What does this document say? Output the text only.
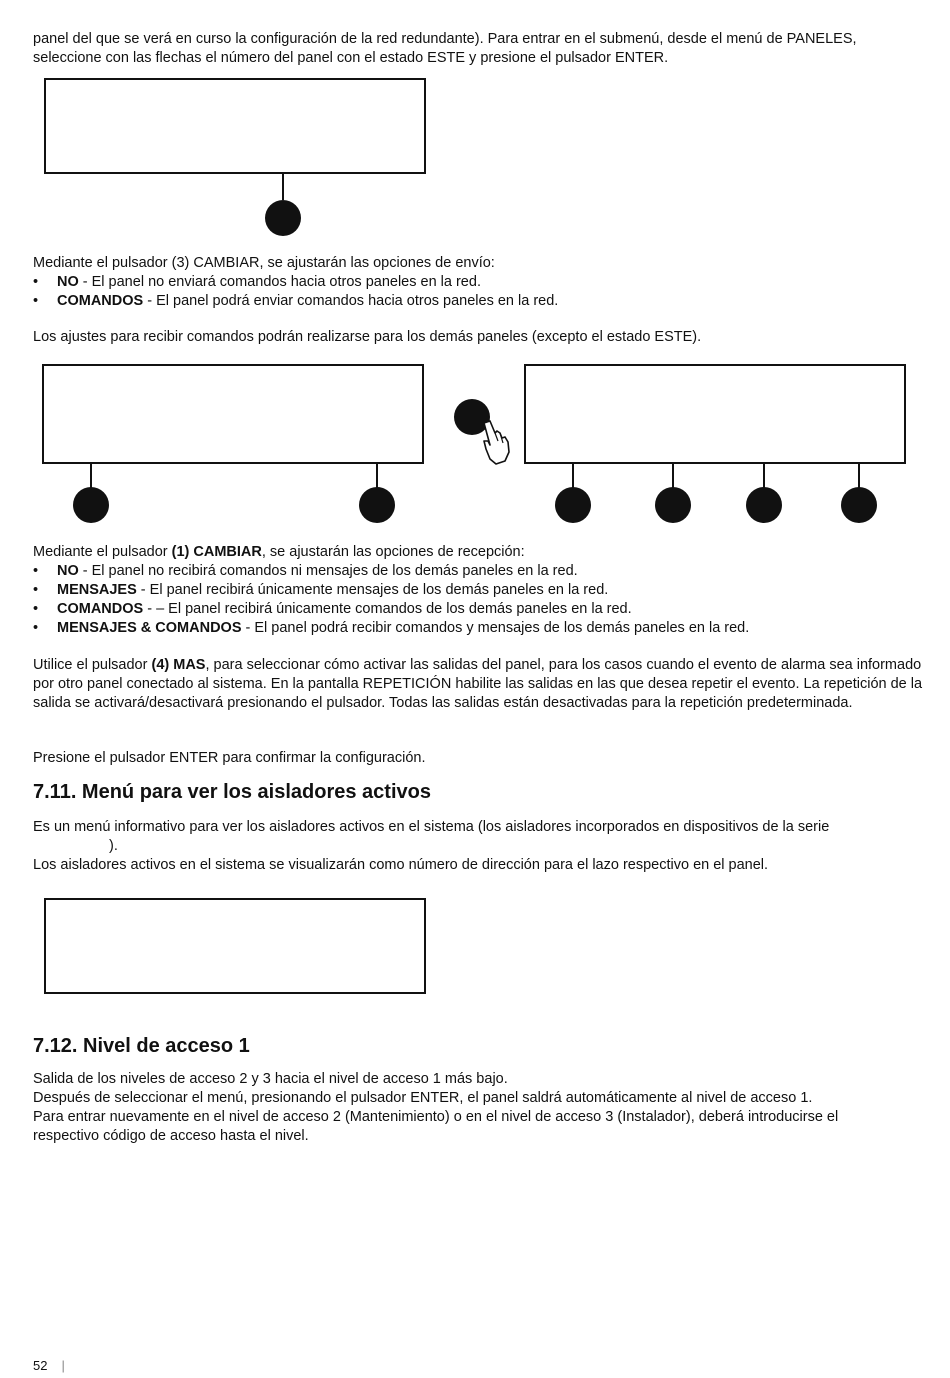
panel del que se verá en curso la configuración de la red redundante). Para entrar en el submenú, desde el menú de PANELES,

seleccione con las flechas el número del panel con el estado ESTE y presione el pulsador ENTER.

Mediante el pulsador (3) CAMBIAR, se ajustarán las opciones de envío:

• NO - El panel no enviará comandos hacia otros paneles en la red.

• COMANDOS - El panel podrá enviar comandos hacia otros paneles en la red.

Los ajustes para recibir comandos podrán realizarse para los demás paneles (excepto el estado ESTE).

Mediante el pulsador (1) CAMBIAR, se ajustarán las opciones de recepción:

• NO - El panel no recibirá comandos ni mensajes de los demás paneles en la red.

• MENSAJES - El panel recibirá únicamente mensajes de los demás paneles en la red.

• COMANDOS - – El panel recibirá únicamente comandos de los demás paneles en la red.

• MENSAJES & COMANDOS - El panel podrá recibir comandos y mensajes de los demás paneles en la red.

Utilice el pulsador (4) MAS, para seleccionar cómo activar las salidas del panel, para los casos cuando el evento de alarma sea informado por otro panel conectado al sistema. En la pantalla REPETICIÓN habilite las salidas en las que desea repetir el evento. La repetición de la salida se activará/desactivará presionando el pulsador. Todas las salidas están desactivadas para la repetición predeterminada.

Presione el pulsador ENTER para confirmar la configuración.

7.11. Menú para ver los aisladores activos

Es un menú informativo para ver los aisladores activos en el sistema (los aisladores incorporados en dispositivos de la serie

).

Los aisladores activos en el sistema se visualizarán como número de dirección para el lazo respectivo en el panel.

7.12. Nivel de acceso 1

Salida de los niveles de acceso 2 y 3 hacia el nivel de acceso 1 más bajo.

Después de seleccionar el menú, presionando el pulsador ENTER, el panel saldrá automáticamente al nivel de acceso 1.

Para entrar nuevamente en el nivel de acceso 2 (Mantenimiento) o en el nivel de acceso 3 (Instalador), deberá introducirse el

respectivo código de acceso hasta el nivel.

52 |
